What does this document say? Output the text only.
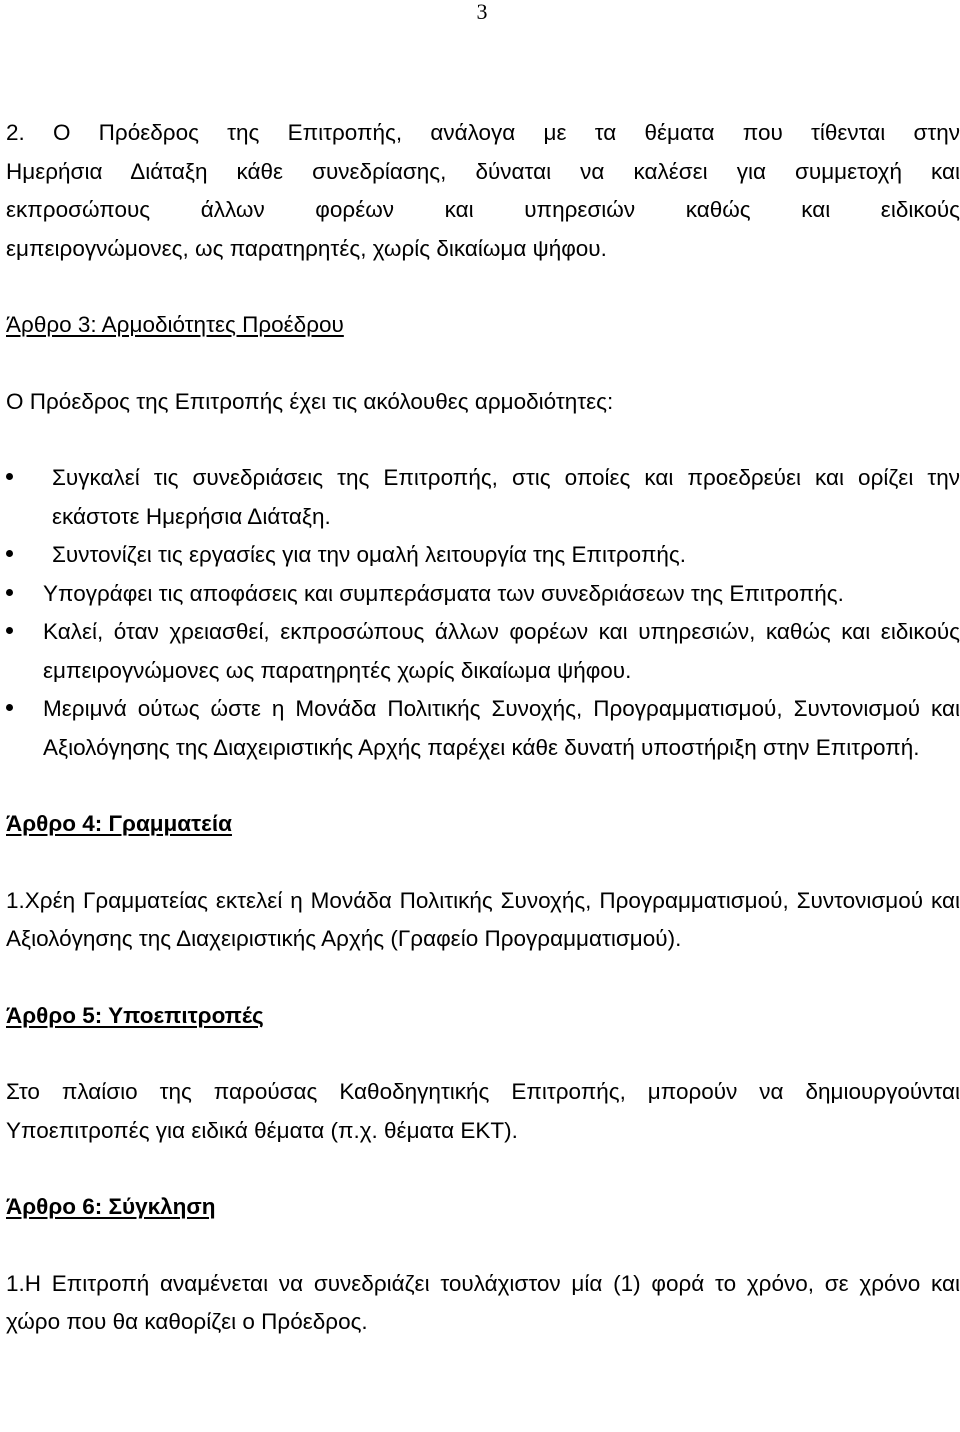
3

2. Ο Πρόεδρος της Επιτροπής, ανάλογα με τα θέματα που τίθενται στην

Ημερήσια Διάταξη κάθε συνεδρίασης, δύναται να καλέσει για συμμετοχή και

εκπροσώπους άλλων φορέων και υπηρεσιών καθώς και ειδικούς

εμπειρογνώμονες, ως παρατηρητές, χωρίς δικαίωμα ψήφου.

Άρθρο 3: Αρμοδιότητες Προέδρου

Ο Πρόεδρος της Επιτροπής έχει τις ακόλουθες αρμοδιότητες:

Συγκαλεί τις συνεδριάσεις της Επιτροπής, στις οποίες και προεδρεύει και ορίζει την εκάστοτε Ημερήσια Διάταξη.
Συντονίζει τις εργασίες για την ομαλή λειτουργία της Επιτροπής.
Υπογράφει τις αποφάσεις και συμπεράσματα των συνεδριάσεων της Επιτροπής.
Καλεί, όταν χρειασθεί, εκπροσώπους άλλων φορέων και υπηρεσιών, καθώς και ειδικούς εμπειρογνώμονες ως παρατηρητές χωρίς δικαίωμα ψήφου.
Μεριμνά ούτως ώστε η Μονάδα Πολιτικής Συνοχής, Προγραμματισμού, Συντονισμού και Αξιολόγησης της Διαχειριστικής Αρχής παρέχει κάθε δυνατή υποστήριξη στην Επιτροπή.

Άρθρο 4: Γραμματεία

1.Χρέη Γραμματείας εκτελεί η Μονάδα Πολιτικής Συνοχής, Προγραμματισμού, Συντονισμού και Αξιολόγησης της Διαχειριστικής Αρχής (Γραφείο Προγραμματισμού).

Άρθρο 5: Υποεπιτροπές

Στο πλαίσιο της παρούσας Καθοδηγητικής Επιτροπής, μπορούν να δημιουργούνται Υποεπιτροπές για ειδικά θέματα (π.χ. θέματα ΕΚΤ).

Άρθρο 6: Σύγκληση

1.Η Επιτροπή αναμένεται να συνεδριάζει τουλάχιστον μία (1) φορά το χρόνο, σε χρόνο και χώρο που θα καθορίζει ο Πρόεδρος.
